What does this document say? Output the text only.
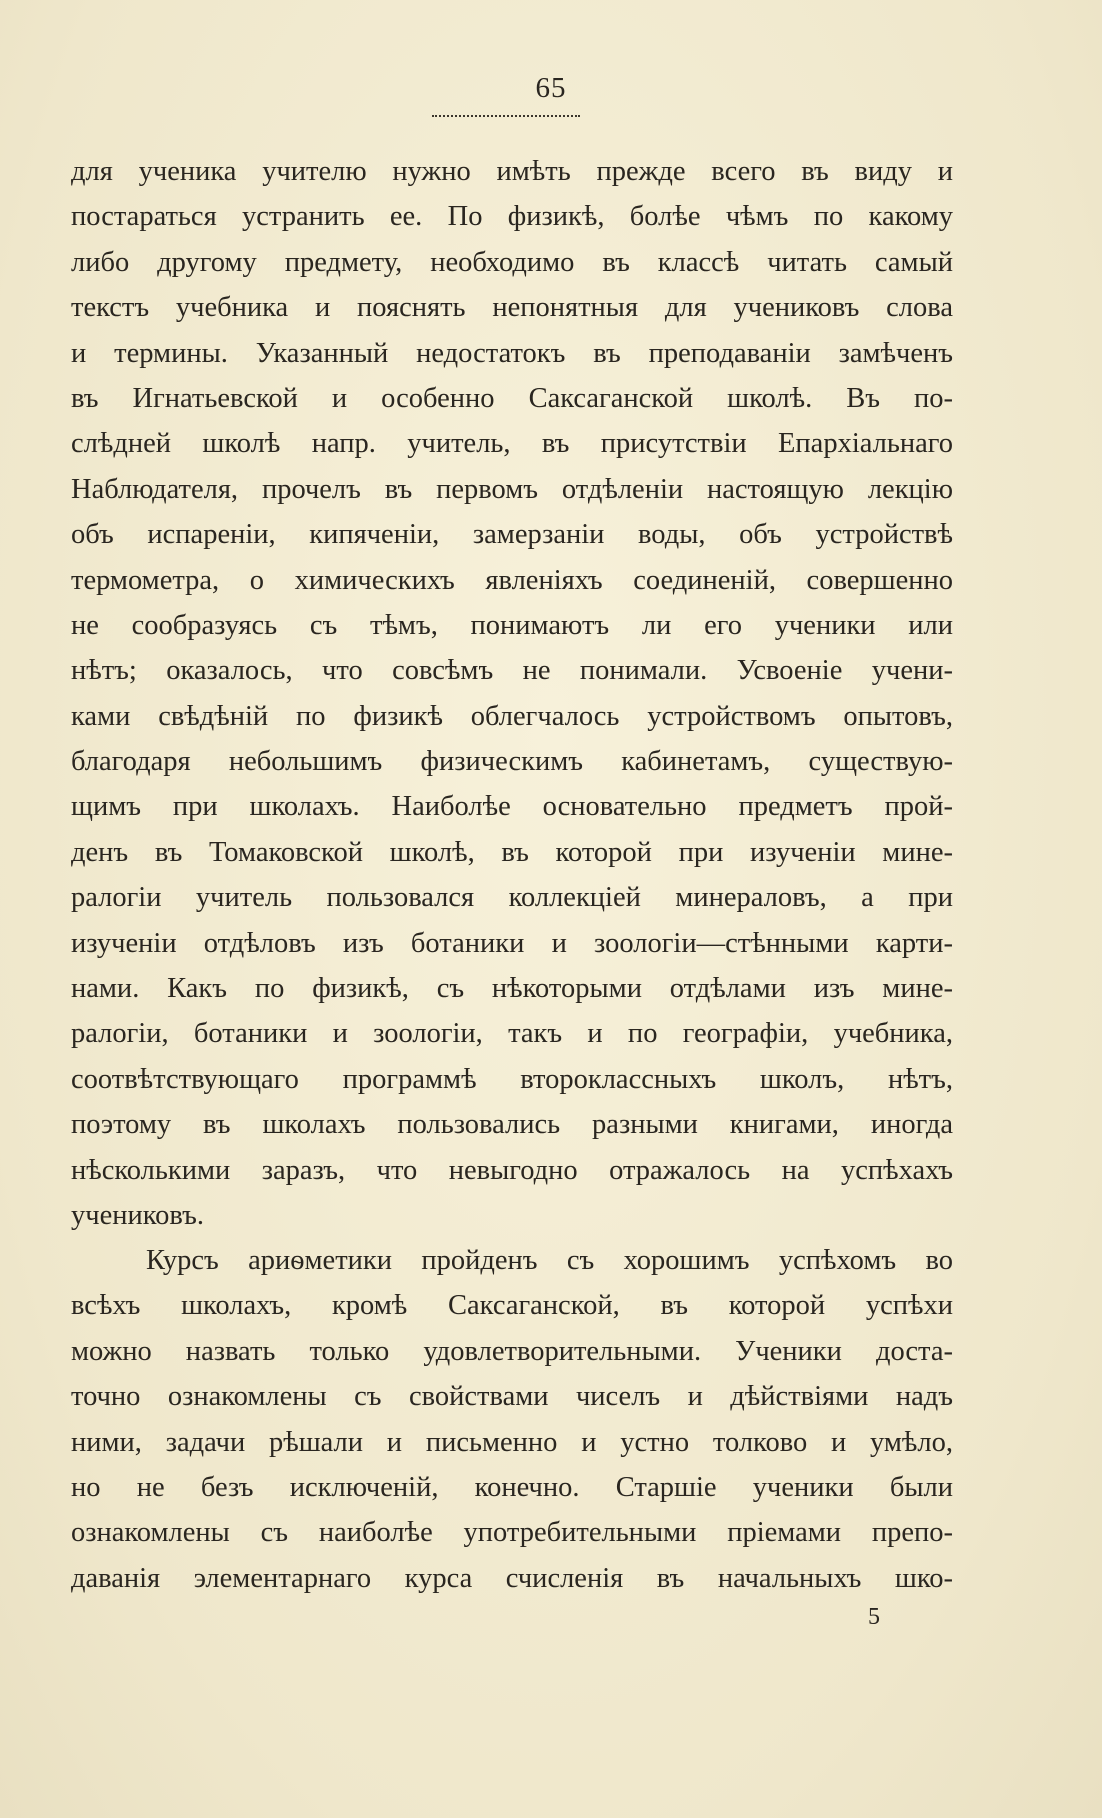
65
для ученика учителю нужно имѣть прежде всего въ виду и
постараться устранить ее. По физикѣ, болѣе чѣмъ по какому
либо другому предмету, необходимо въ классѣ читать самый
текстъ учебника и пояснять непонятныя для учениковъ слова
и термины. Указанный недостатокъ въ преподаваніи замѣченъ
въ Игнатьевской и особенно Саксаганской школѣ. Въ по-
слѣдней школѣ напр. учитель, въ присутствіи Епархіальнаго
Наблюдателя, прочелъ въ первомъ отдѣленіи настоящую лекцію
объ испареніи, кипяченіи, замерзаніи воды, объ устройствѣ
термометра, о химическихъ явленіяхъ соединеній, совершенно
не сообразуясь съ тѣмъ, понимаютъ ли его ученики или
нѣтъ; оказалось, что совсѣмъ не понимали. Усвоеніе учени-
ками свѣдѣній по физикѣ облегчалось устройствомъ опытовъ,
благодаря небольшимъ физическимъ кабинетамъ, существую-
щимъ при школахъ. Наиболѣе основательно предметъ прой-
денъ въ Томаковской школѣ, въ которой при изученіи мине-
ралогіи учитель пользовался коллекціей минераловъ, а при
изученіи отдѣловъ изъ ботаники и зоологіи—стѣнными карти-
нами. Какъ по физикѣ, съ нѣкоторыми отдѣлами изъ мине-
ралогіи, ботаники и зоологіи, такъ и по географіи, учебника,
соотвѣтствующаго программѣ второклассныхъ школъ, нѣтъ,
поэтому въ школахъ пользовались разными книгами, иногда
нѣсколькими заразъ, что невыгодно отражалось на успѣхахъ
учениковъ.
Курсъ ариѳметики пройденъ съ хорошимъ успѣхомъ во
всѣхъ школахъ, кромѣ Саксаганской, въ которой успѣхи
можно назвать только удовлетворительными. Ученики доста-
точно ознакомлены съ свойствами чиселъ и дѣйствіями надъ
ними, задачи рѣшали и письменно и устно толково и умѣло,
но не безъ исключеній, конечно. Старшіе ученики были
ознакомлены съ наиболѣе употребительными пріемами препо-
даванія элементарнаго курса счисленія въ начальныхъ шко-
5
